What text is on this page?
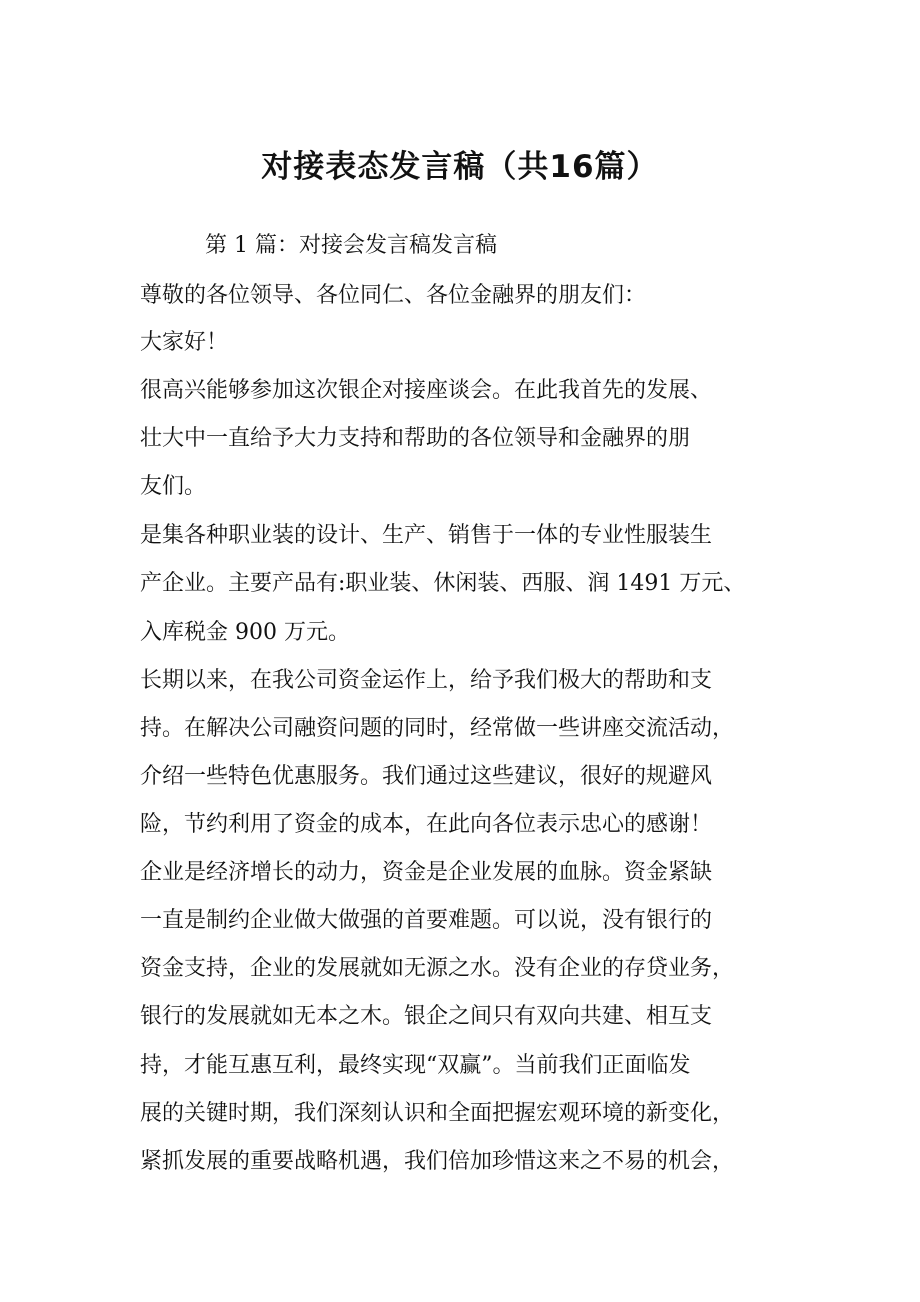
对接表态发言稿（共16篇）
第 1 篇：对接会发言稿发言稿
尊敬的各位领导、各位同仁、各位金融界的朋友们：
大家好！
很高兴能够参加这次银企对接座谈会。在此我首先的发展、
壮大中一直给予大力支持和帮助的各位领导和金融界的朋
友们。
是集各种职业装的设计、生产、销售于一体的专业性服装生
产企业。主要产品有:职业装、休闲装、西服、润 1491 万元、
入库税金 900 万元。
长期以来，在我公司资金运作上，给予我们极大的帮助和支
持。在解决公司融资问题的同时，经常做一些讲座交流活动，
介绍一些特色优惠服务。我们通过这些建议，很好的规避风
险，节约利用了资金的成本，在此向各位表示忠心的感谢！
企业是经济增长的动力，资金是企业发展的血脉。资金紧缺
一直是制约企业做大做强的首要难题。可以说，没有银行的
资金支持，企业的发展就如无源之水。没有企业的存贷业务，
银行的发展就如无本之木。银企之间只有双向共建、相互支
持，才能互惠互利，最终实现“双赢”。当前我们正面临发
展的关键时期，我们深刻认识和全面把握宏观环境的新变化，
紧抓发展的重要战略机遇，我们倍加珍惜这来之不易的机会，
